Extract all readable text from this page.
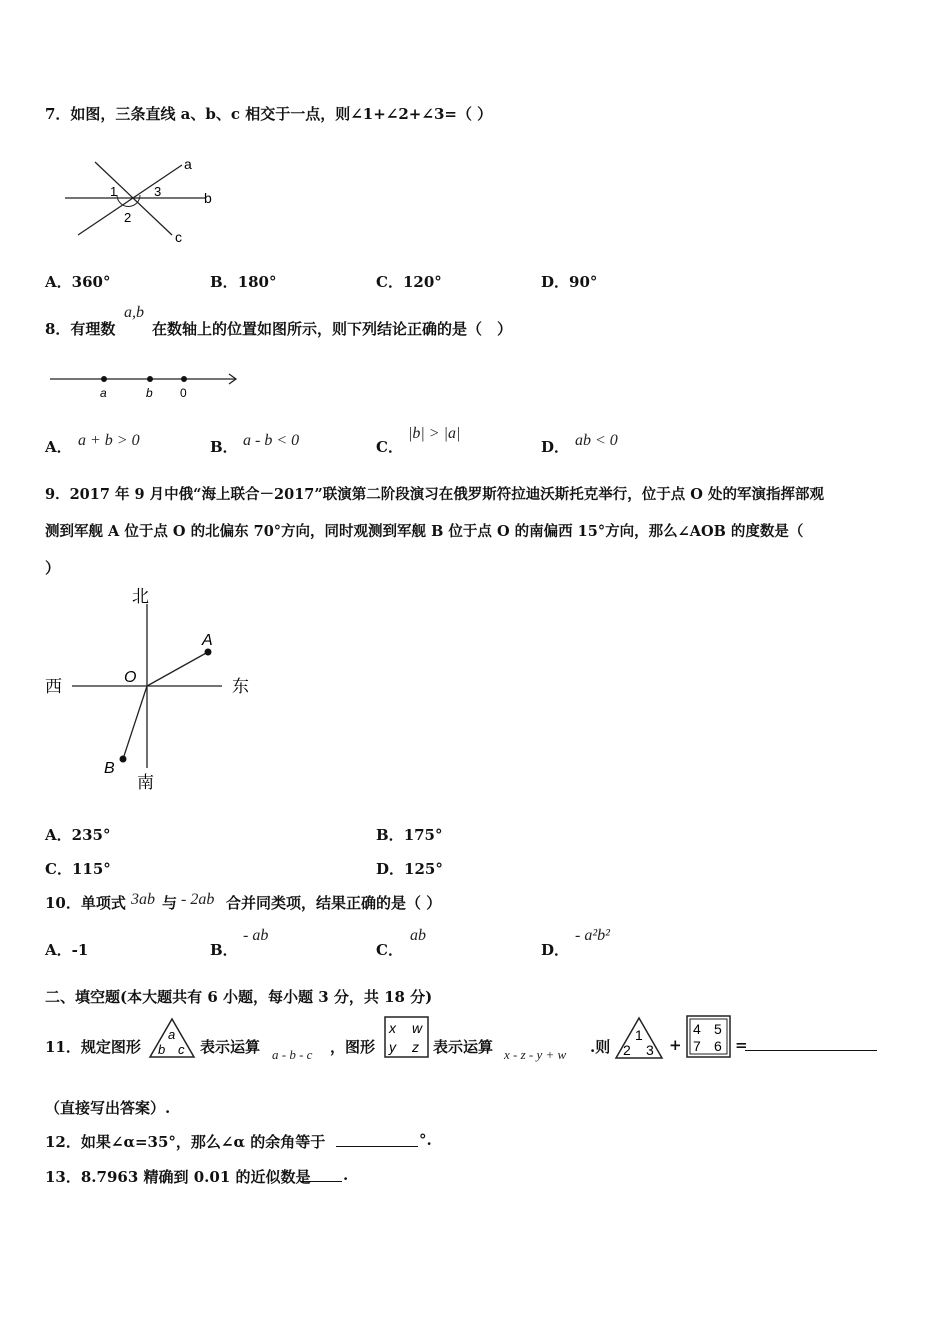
7．如图，三条直线 a、b、c 相交于一点，则∠1+∠2+∠3=（ ）
a
b
c
1
2
3
A．360°	B．180°	C．120°	D．90°
8．有理数
a,b
在数轴上的位置如图所示，则下列结论正确的是（　）
a	b 0
A． a + b > 0	B． a - b < 0	C．
|b| > |a|
D． ab < 0
9．2017 年 9 月中俄“海上联合－2017”联演第二阶段演习在俄罗斯符拉迪沃斯托克举行，位于点 O 处的军演指挥部观
测到军舰 A 位于点 O 的北偏东 70°方向，同时观测到军舰 B 位于点 O 的南偏西 15°方向，那么∠AOB 的度数是（
）
北
南
西	东
O
A
B
A．235°	B．175°
C．115°	D．125°
10．单项式 3ab 与 - 2ab 合并同类项，结果正确的是（ ）
A．-1	B．
- ab
C．
ab
D．
- a²b²
二、填空题(本大题共有 6 小题，每小题 3 分，共 18 分)
11．规定图形
a
b c 表示运算 a - b - c ，图形
x w
y z 表示运算 x - z - y + w .则
1
2 3 +
4 5
7 6 =
（直接写出答案）.
12．如果∠α=35°，那么∠α 的余角等于	°.
13．8.7963 精确到 0.01 的近似数是 .
